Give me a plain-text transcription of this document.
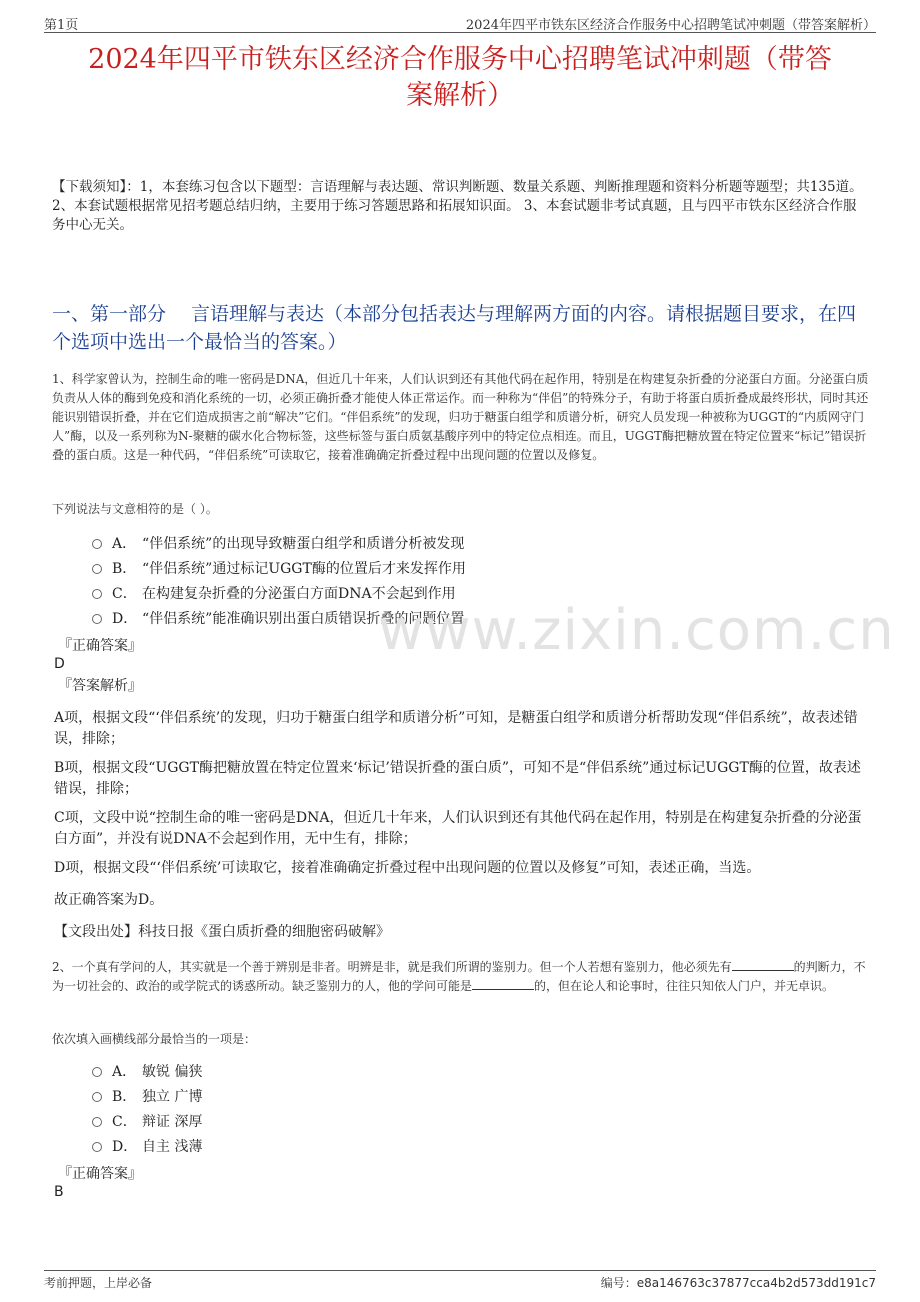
第1页	2024年四平市铁东区经济合作服务中心招聘笔试冲刺题（带答案解析）
2024年四平市铁东区经济合作服务中心招聘笔试冲刺题（带答
案解析）
【下载须知】：1，本套练习包含以下题型：言语理解与表达题、常识判断题、数量关系题、判断推理题和资料分析题等题型；共135道。 2、本套试题根据常见招考题总结归纳，主要用于练习答题思路和拓展知识面。 3、本套试题非考试真题，且与四平市铁东区经济合作服务中心无关。
一、第一部分　 言语理解与表达（本部分包括表达与理解两方面的内容。请根据题目要求，在四个选项中选出一个最恰当的答案。）
1、科学家曾认为，控制生命的唯一密码是DNA，但近几十年来，人们认识到还有其他代码在起作用，特别是在构建复杂折叠的分泌蛋白方面。分泌蛋白质负责从人体的酶到免疫和消化系统的一切，必须正确折叠才能使人体正常运作。而一种称为“伴侣”的特殊分子，有助于将蛋白质折叠成最终形状，同时其还能识别错误折叠，并在它们造成损害之前“解决”它们。“伴侣系统”的发现，归功于糖蛋白组学和质谱分析，研究人员发现一种被称为UGGT的“内质网守门人”酶，以及一系列称为N-聚糖的碳水化合物标签，这些标签与蛋白质氨基酸序列中的特定位点相连。而且，UGGT酶把糖放置在特定位置来“标记”错误折叠的蛋白质。这是一种代码，“伴侣系统”可读取它，接着准确确定折叠过程中出现问题的位置以及修复。
下列说法与文意相符的是（ ）。
A． “伴侣系统”的出现导致糖蛋白组学和质谱分析被发现
B． “伴侣系统”通过标记UGGT酶的位置后才来发挥作用
C． 在构建复杂折叠的分泌蛋白方面DNA不会起到作用
D． “伴侣系统”能准确识别出蛋白质错误折叠的问题位置
www.zixin.com.cn
『正确答案』
D
『答案解析』
A项，根据文段“‘伴侣系统’的发现，归功于糖蛋白组学和质谱分析”可知，是糖蛋白组学和质谱分析帮助发现“伴侣系统”，故表述错误，排除；
B项，根据文段“UGGT酶把糖放置在特定位置来‘标记’错误折叠的蛋白质”，可知不是“伴侣系统”通过标记UGGT酶的位置，故表述错误，排除；
C项，文段中说“控制生命的唯一密码是DNA，但近几十年来，人们认识到还有其他代码在起作用，特别是在构建复杂折叠的分泌蛋白方面”，并没有说DNA不会起到作用，无中生有，排除；
D项，根据文段“‘伴侣系统’可读取它，接着准确确定折叠过程中出现问题的位置以及修复”可知，表述正确，当选。
故正确答案为D。
【文段出处】科技日报《蛋白质折叠的细胞密码破解》
2、一个真有学问的人，其实就是一个善于辨别是非者。明辨是非，就是我们所谓的鉴别力。但一个人若想有鉴别力，他必须先有	的判断力，不为一切社会的、政治的或学院式的诱惑所动。缺乏鉴别力的人，他的学问可能是	的，但在论人和论事时，往往只知依人门户，并无卓识。
依次填入画横线部分最恰当的一项是：
A． 敏锐 偏狭
B． 独立 广博
C． 辩证 深厚
D． 自主 浅薄
『正确答案』
B
考前押题，上岸必备	编号：e8a146763c37877cca4b2d573dd191c7
